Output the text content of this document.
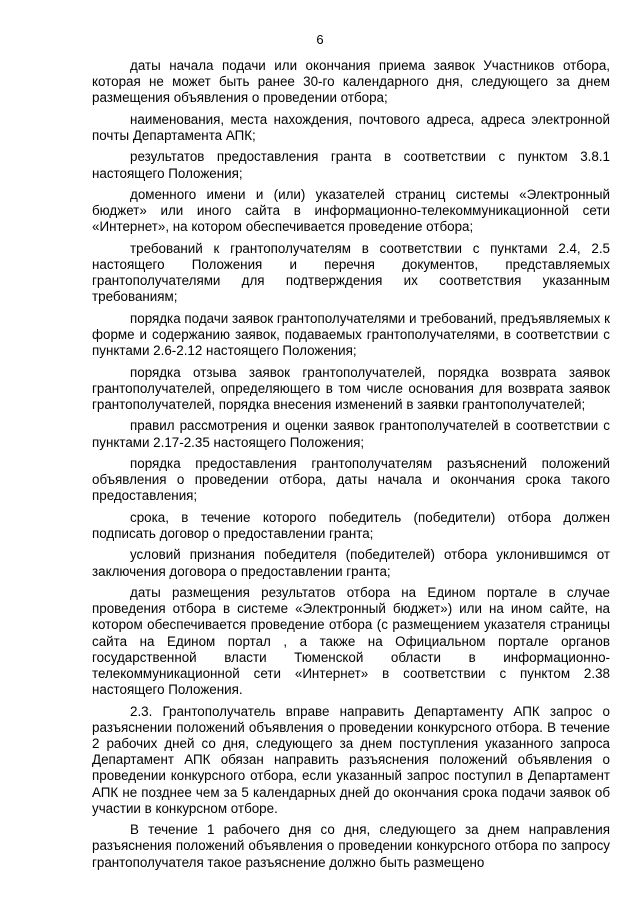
6

даты начала подачи или окончания приема заявок Участников отбора, которая не может быть ранее 30-го календарного дня, следующего за днем размещения объявления о проведении отбора;

наименования, места нахождения, почтового адреса, адреса электронной почты Департамента АПК;

результатов предоставления гранта в соответствии с пунктом 3.8.1 настоящего Положения;

доменного имени и (или) указателей страниц системы «Электронный бюджет» или иного сайта в информационно-телекоммуникационной сети «Интернет», на котором обеспечивается проведение отбора;

требований к грантополучателям в соответствии с пунктами 2.4, 2.5 настоящего Положения и перечня документов, представляемых грантополучателями для подтверждения их соответствия указанным требованиям;

порядка подачи заявок грантополучателями и требований, предъявляемых к форме и содержанию заявок, подаваемых грантополучателями, в соответствии с пунктами 2.6-2.12 настоящего Положения;

порядка отзыва заявок грантополучателей, порядка возврата заявок грантополучателей, определяющего в том числе основания для возврата заявок грантополучателей, порядка внесения изменений в заявки грантополучателей;

правил рассмотрения и оценки заявок грантополучателей в соответствии с пунктами 2.17-2.35 настоящего Положения;

порядка предоставления грантополучателям разъяснений положений объявления о проведении отбора, даты начала и окончания срока такого предоставления;

срока, в течение которого победитель (победители) отбора должен подписать договор о предоставлении гранта;

условий признания победителя (победителей) отбора уклонившимся от заключения договора о предоставлении гранта;

даты размещения результатов отбора на Едином портале в случае проведения отбора в системе «Электронный бюджет») или на ином сайте, на котором обеспечивается проведение отбора (с размещением указателя страницы сайта на Едином портал , а также на Официальном портале органов государственной власти Тюменской области в информационно-телекоммуникационной сети «Интернет» в соответствии с пунктом 2.38 настоящего Положения.

2.3. Грантополучатель вправе направить Департаменту АПК запрос о разъяснении положений объявления о проведении конкурсного отбора. В течение 2 рабочих дней со дня, следующего за днем поступления указанного запроса Департамент АПК обязан направить разъяснения положений объявления о проведении конкурсного отбора, если указанный запрос поступил в Департамент АПК не позднее чем за 5 календарных дней до окончания срока подачи заявок об участии в конкурсном отборе.

В течение 1 рабочего дня со дня, следующего за днем направления разъяснения положений объявления о проведении конкурсного отбора по запросу грантополучателя такое разъяснение должно быть размещено
